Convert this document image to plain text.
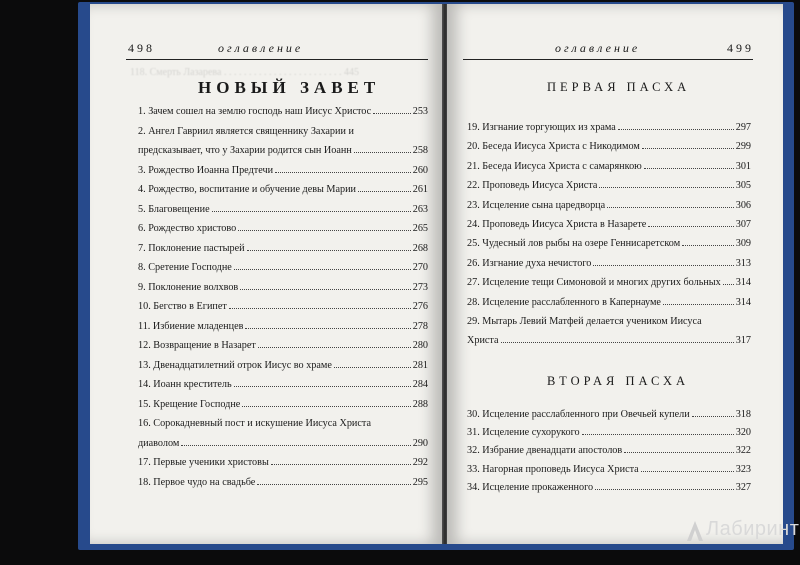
498	оглавление
118. Смерть Лазарева . . . . . . . . . . . . . . . . . . . . . . . . 445
НОВЫЙ ЗАВЕТ
1. Зачем сошел на землю господь наш Иисус Христос	253
2. Ангел Гавриил является священнику Захарии и
предсказывает, что у Захарии родится сын Иоанн	258
3. Рождество Иоанна Предтечи	260
4. Рождество, воспитание и обучение девы Марии	261
5. Благовещение	263
6. Рождество христово	265
7. Поклонение пастырей	268
8. Сретение Господне	270
9. Поклонение волхвов	273
10. Бегство в Египет	276
11. Избиение младенцев	278
12. Возвращение в Назарет	280
13. Двенадцатилетний отрок Иисус во храме	281
14. Иоанн креститель	284
15. Крещение Господне	288
16. Сорокадневный пост и искушение Иисуса Христа
диаволом	290
17. Первые ученики христовы	292
18. Первое чудо на свадьбе	295
оглавление	499
ПЕРВАЯ ПАСХА
19. Изгнание торгующих из храма	297
20. Беседа Иисуса Христа с Никодимом	299
21. Беседа Иисуса Христа с самарянкою	301
22. Проповедь Иисуса Христа	305
23. Исцеление сына царедворца	306
24. Проповедь Иисуса Христа в Назарете	307
25. Чудесный лов рыбы на озере Геннисаретском	309
26. Изгнание духа нечистого	313
27. Исцеление тещи Симоновой и многих других больных 314
28. Исцеление расслабленного в Капернауме	314
29. Мытарь Левий Матфей делается учеником Иисуса
Христа	317
ВТОРАЯ ПАСХА
30. Исцеление расслабленного при Овечьей купели	318
31. Исцеление сухорукого	320
32. Избрание двенадцати апостолов	322
33. Нагорная проповедь Иисуса Христа	323
34. Исцеление прокаженного	327
Лабиринт
